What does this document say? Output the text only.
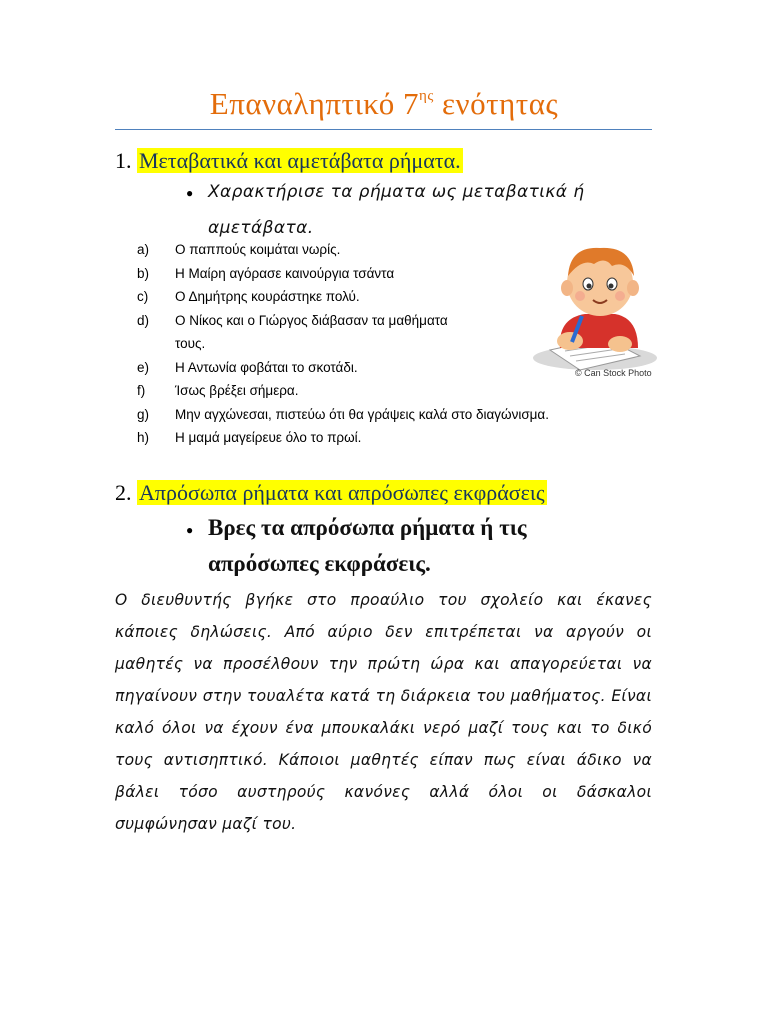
Επαναληπτικό $7^{\eta\varsigma}$ ενότητας
1. Μεταβατικά και αμετάβατα ρήματα.
● Χαρακτήρισε τα ρήματα ως μεταβατικά ή
αμετάβατα.
a) Ο παππούς κοιμάται νωρίς.
b) Η Μαίρη αγόρασε καινούργια τσάντα
c) Ο Δημήτρης κουράστηκε πολύ.
d) Ο Νίκος και ο Γιώργος διάβασαν τα μαθήματα
τους.
e) Η Αντωνία φοβάται το σκοτάδι.
f) Ίσως βρέξει σήμερα.
g) Μην αγχώνεσαι, πιστεύω ότι θα γράψεις καλά στο διαγώνισμα.
h) Η μαμά μαγείρευε όλο το πρωί.
© Can Stock Photo
2. Απρόσωπα ρήματα και απρόσωπες εκφράσεις
● Βρες τα απρόσωπα ρήματα ή τις
απρόσωπες εκφράσεις.
Ο διευθυντής βγήκε στο προαύλιο του σχολείο και έκανες κάποιες δηλώσεις. Από αύριο δεν επιτρέπεται να αργούν οι μαθητές να προσέλθουν την πρώτη ώρα και απαγορεύεται να πηγαίνουν στην τουαλέτα κατά τη διάρκεια του μαθήματος. Είναι καλό όλοι να έχουν ένα μπουκαλάκι νερό μαζί τους και το δικό τους αντισηπτικό. Κάποιοι μαθητές είπαν πως είναι άδικο να βάλει τόσο αυστηρούς κανόνες αλλά όλοι οι δάσκαλοι συμφώνησαν μαζί του.
